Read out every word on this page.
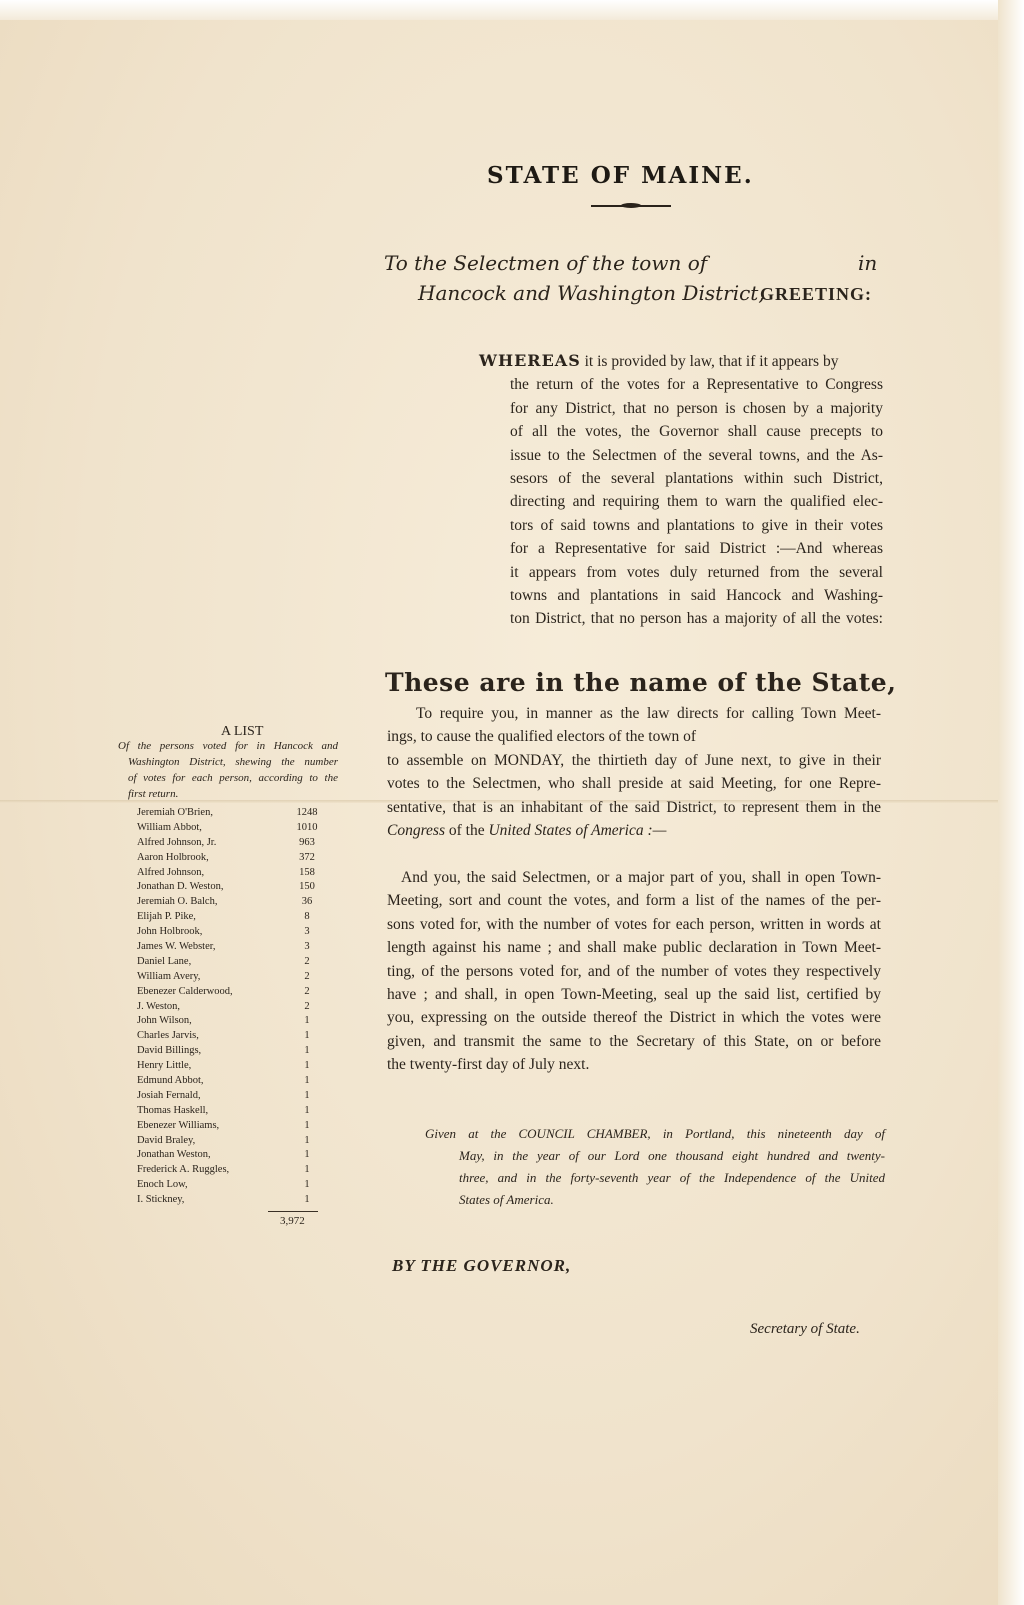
STATE OF MAINE.
To the Selectmen of the town of	in
Hancock and Washington District,
GREETING:
WHEREAS it is provided by law, that if it appears by
the return of the votes for a Representative to Congress
for any District, that no person is chosen by a majority
of all the votes, the Governor shall cause precepts to
issue to the Selectmen of the several towns, and the As-
sesors of the several plantations within such District,
directing and requiring them to warn the qualified elec-
tors of said towns and plantations to give in their votes
for a Representative for said District :—And whereas
it appears from votes duly returned from the several
towns and plantations in said Hancock and Washing-
ton District, that no person has a majority of all the votes:
These are in the name of the State,
To require you, in manner as the law directs for calling Town Meet-
ings, to cause the qualified electors of the town of
to assemble on MONDAY, the thirtieth day of June next, to give in their
votes to the Selectmen, who shall preside at said Meeting, for one Repre-
sentative, that is an inhabitant of the said District, to represent them in the
Congress of the United States of America :—
And you, the said Selectmen, or a major part of you, shall in open Town-
Meeting, sort and count the votes, and form a list of the names of the per-
sons voted for, with the number of votes for each person, written in words at
length against his name ; and shall make public declaration in Town Meet-
ting, of the persons voted for, and of the number of votes they respectively
have ; and shall, in open Town-Meeting, seal up the said list, certified by
you, expressing on the outside thereof the District in which the votes were
given, and transmit the same to the Secretary of this State, on or before
the twenty-first day of July next.
Given at the COUNCIL CHAMBER, in Portland, this nineteenth day of
May, in the year of our Lord one thousand eight hundred and twenty-
three, and in the forty-seventh year of the Independence of the United
States of America.
BY THE GOVERNOR,
Secretary of State.
A LIST
Of the persons voted for in Hancock and
Washington District, shewing the number
of votes for each person, according to the
first return.
Jeremiah O'Brien,	1248
William Abbot,	1010
Alfred Johnson, Jr.	963
Aaron Holbrook,	372
Alfred Johnson,	158
Jonathan D. Weston,	150
Jeremiah O. Balch,	36
Elijah P. Pike,	8
John Holbrook,	3
James W. Webster,	3
Daniel Lane,	2
William Avery,	2
Ebenezer Calderwood,	2
J. Weston,	2
John Wilson,	1
Charles Jarvis,	1
David Billings,	1
Henry Little,	1
Edmund Abbot,	1
Josiah Fernald,	1
Thomas Haskell,	1
Ebenezer Williams,	1
David Braley,	1
Jonathan Weston,	1
Frederick A. Ruggles,	1
Enoch Low,	1
I. Stickney,	1
3,972
